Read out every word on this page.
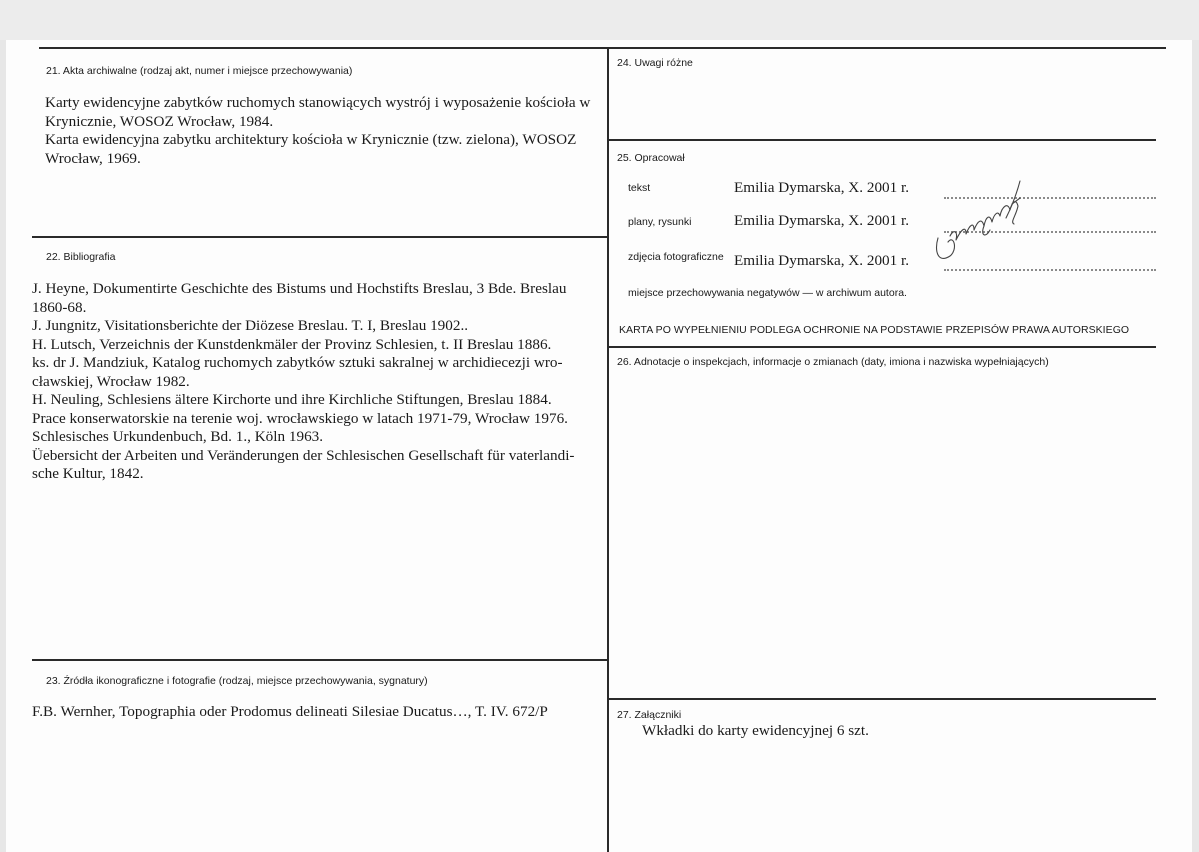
21. Akta archiwalne (rodzaj akt, numer i miejsce przechowywania)
Karty ewidencyjne zabytków ruchomych stanowiących wystrój i wyposażenie kościoła w
Krynicznie, WOSOZ Wrocław, 1984.
Karta ewidencyjna zabytku architektury kościoła w Krynicznie (tzw. zielona), WOSOZ
Wrocław, 1969.
22. Bibliografia
J. Heyne, Dokumentirte Geschichte des Bistums und Hochstifts Breslau, 3 Bde. Breslau
1860-68.
J. Jungnitz, Visitationsberichte der Diözese Breslau. T. I, Breslau 1902..
H. Lutsch, Verzeichnis der Kunstdenkmäler der Provinz Schlesien, t. II Breslau 1886.
ks. dr J. Mandziuk, Katalog ruchomych zabytków sztuki sakralnej w archidiecezji wro-
cławskiej, Wrocław 1982.
H. Neuling, Schlesiens ältere Kirchorte und ihre Kirchliche Stiftungen, Breslau 1884.
Prace konserwatorskie na terenie woj. wrocławskiego w latach 1971-79, Wrocław 1976.
Schlesisches Urkundenbuch, Bd. 1., Köln 1963.
Üebersicht der Arbeiten und Veränderungen der Schlesischen Gesellschaft für vaterlandi-
sche Kultur, 1842.
23. Źródła ikonograficzne i fotografie (rodzaj, miejsce przechowywania, sygnatury)
F.B. Wernher, Topographia oder Prodomus delineati Silesiae Ducatus…, T. IV. 672/P
24. Uwagi różne
25. Opracował
tekst	Emilia Dymarska, X. 2001 r.
plany, rysunki	Emilia Dymarska, X. 2001 r.
zdjęcia fotograficzne Emilia Dymarska, X. 2001 r.
miejsce przechowywania negatywów — w archiwum autora.
KARTA PO WYPEŁNIENIU PODLEGA OCHRONIE NA PODSTAWIE PRZEPISÓW PRAWA AUTORSKIEGO
26. Adnotacje o inspekcjach, informacje o zmianach (daty, imiona i nazwiska wypełniających)
27. Załączniki
Wkładki do karty ewidencyjnej 6 szt.
